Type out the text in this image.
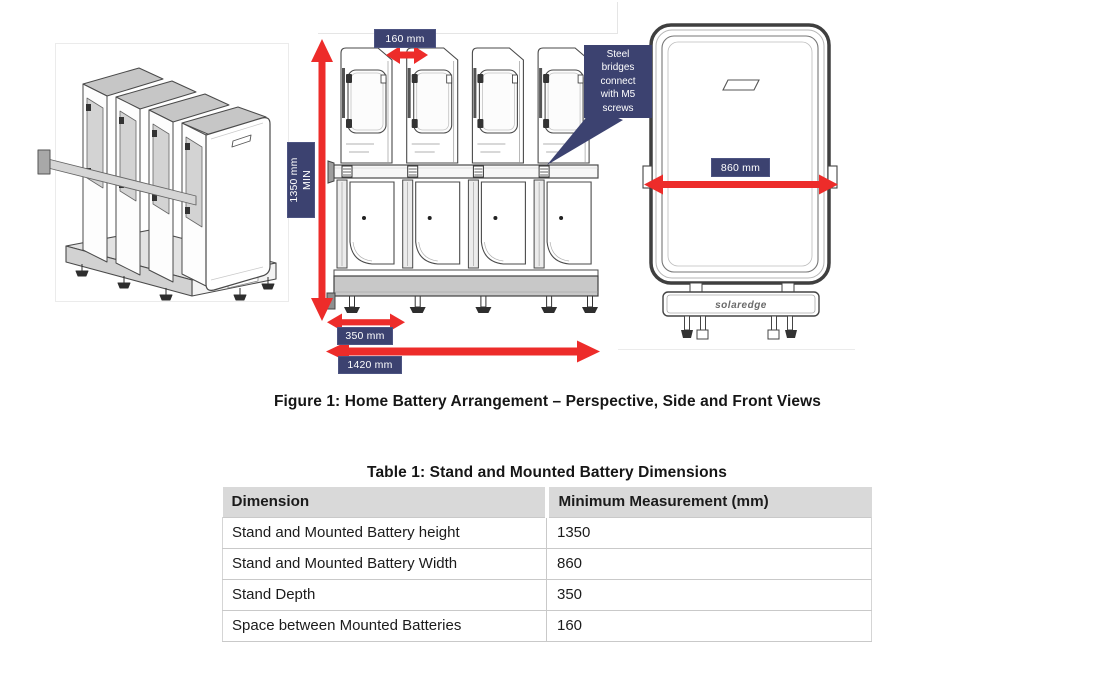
solaredge
160 mm
1350 mm MIN
350 mm
1420 mm
860 mm
Steel
bridges
connect
with M5
screws
Figure 1: Home Battery Arrangement – Perspective, Side and Front Views
Table 1: Stand and Mounted Battery Dimensions
Dimension	Minimum Measurement (mm)
Stand and Mounted Battery height	1350
Stand and Mounted Battery Width	860
Stand Depth	350
Space between Mounted Batteries	160
